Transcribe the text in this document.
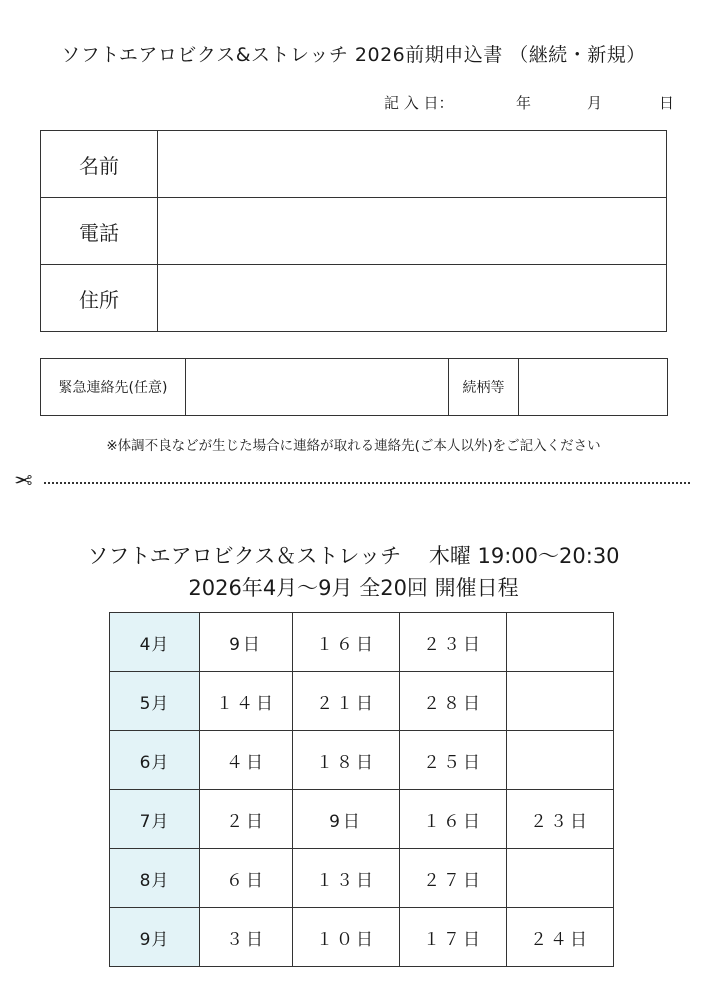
ソフトエアロビクス&ストレッチ 2026前期申込書 （継続・新規）
記 入 日：	年	月	日
名前	
電話	
住所	
緊急連絡先(任意)		続柄等	
※体調不良などが生じた場合に連絡が取れる連絡先(ご本人以外)をご記入ください
✂
ソフトエアロビクス＆ストレッチ　 木曜 19:00～20:30
2026年4月～9月 全20回 開催日程
4月	9日	１６日	２３日	
5月	１４日	２１日	２８日	
6月	４日	１８日	２５日	
7月	２日	9日	１６日	２３日
8月	６日	１３日	２７日	
9月	３日	１０日	１７日	２４日
